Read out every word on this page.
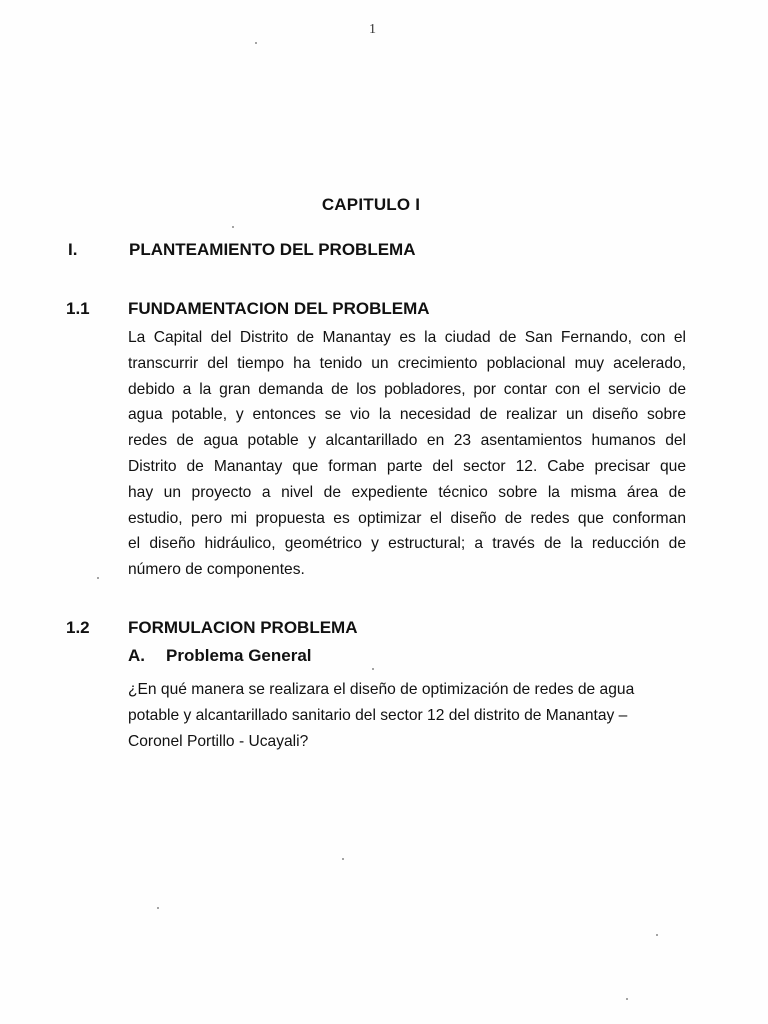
1
CAPITULO I
I.	PLANTEAMIENTO DEL PROBLEMA
1.1 FUNDAMENTACION DEL PROBLEMA
La Capital del Distrito de Manantay es la ciudad de San Fernando, con el
transcurrir del tiempo ha tenido un crecimiento poblacional muy acelerado,
debido a la gran demanda de los pobladores, por contar con el servicio de
agua potable, y entonces se vio la necesidad de realizar un diseño sobre
redes de agua potable y alcantarillado en 23 asentamientos humanos del
Distrito de Manantay que forman parte del sector 12. Cabe precisar que
hay un proyecto a nivel de expediente técnico sobre la misma área de
estudio, pero mi propuesta es optimizar el diseño de redes que conforman
el diseño hidráulico, geométrico y estructural; a través de la reducción de
número de componentes.
1.2 FORMULACION PROBLEMA
A. Problema General
¿En qué manera se realizara el diseño de optimización de redes de agua
potable y alcantarillado sanitario del sector 12 del distrito de Manantay –
Coronel Portillo - Ucayali?
